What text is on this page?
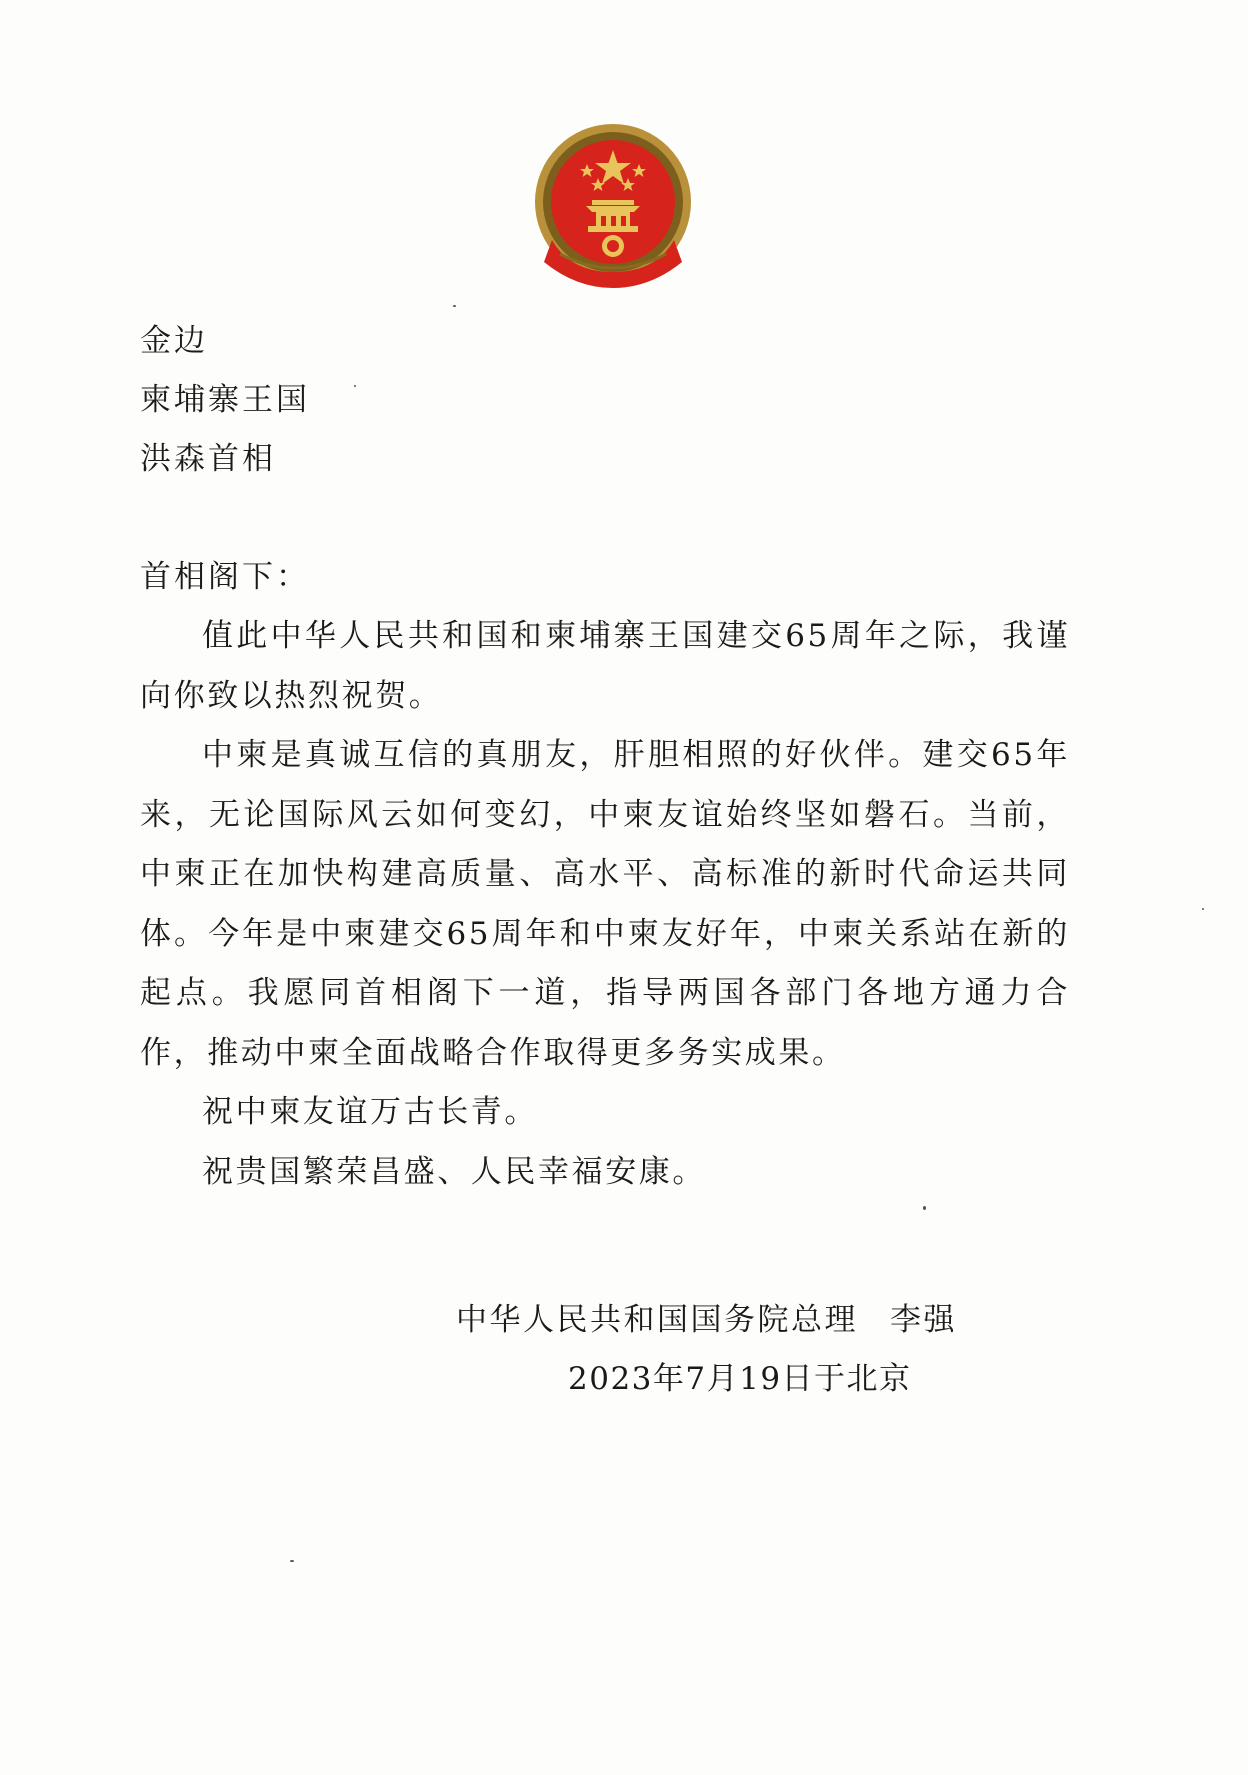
金边
柬埔寨王国
洪森首相
首相阁下：

值此中华人民共和国和柬埔寨王国建交65周年之际，我谨向你致以热烈祝贺。

中柬是真诚互信的真朋友，肝胆相照的好伙伴。建交65年来，无论国际风云如何变幻，中柬友谊始终坚如磐石。当前，中柬正在加快构建高质量、高水平、高标准的新时代命运共同体。今年是中柬建交65周年和中柬友好年，中柬关系站在新的起点。我愿同首相阁下一道，指导两国各部门各地方通力合作，推动中柬全面战略合作取得更多务实成果。

祝中柬友谊万古长青。

祝贵国繁荣昌盛、人民幸福安康。

中华人民共和国国务院总理 李强
2023年7月19日于北京
